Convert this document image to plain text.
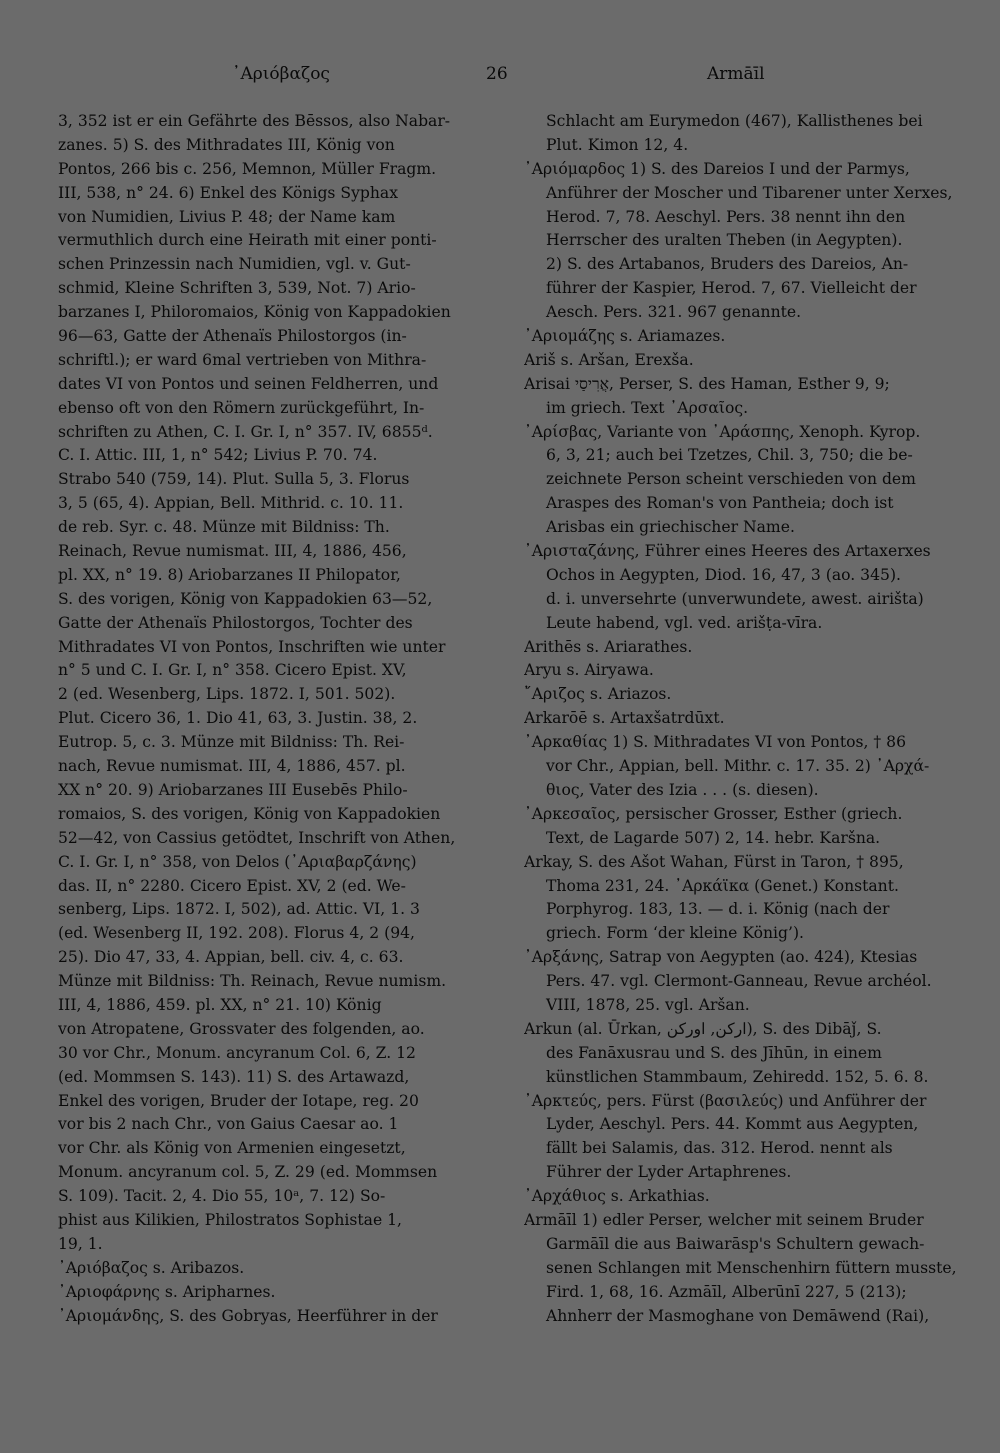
᾿Αριόβαζος	26	Armāīl
3, 352 ist er ein Gefährte des Bēssos, also Nabar-
zanes. 5) S. des Mithradates III, König von
Pontos, 266 bis c. 256, Memnon, Müller Fragm.
III, 538, n° 24. 6) Enkel des Königs Syphax
von Numidien, Livius P. 48; der Name kam
vermuthlich durch eine Heirath mit einer ponti-
schen Prinzessin nach Numidien, vgl. v. Gut-
schmid, Kleine Schriften 3, 539, Not. 7) Ario-
barzanes I, Philoromaios, König von Kappadokien
96—63, Gatte der Athenaïs Philostorgos (in-
schriftl.); er ward 6mal vertrieben von Mithra-
dates VI von Pontos und seinen Feldherren, und
ebenso oft von den Römern zurückgeführt, In-
schriften zu Athen, C. I. Gr. I, n° 357. IV, 6855ᵈ.
C. I. Attic. III, 1, n° 542; Livius P. 70. 74.
Strabo 540 (759, 14). Plut. Sulla 5, 3. Florus
3, 5 (65, 4). Appian, Bell. Mithrid. c. 10. 11.
de reb. Syr. c. 48. Münze mit Bildniss: Th.
Reinach, Revue numismat. III, 4, 1886, 456,
pl. XX, n° 19. 8) Ariobarzanes II Philopator,
S. des vorigen, König von Kappadokien 63—52,
Gatte der Athenaïs Philostorgos, Tochter des
Mithradates VI von Pontos, Inschriften wie unter
n° 5 und C. I. Gr. I, n° 358. Cicero Epist. XV,
2 (ed. Wesenberg, Lips. 1872. I, 501. 502).
Plut. Cicero 36, 1. Dio 41, 63, 3. Justin. 38, 2.
Eutrop. 5, c. 3. Münze mit Bildniss: Th. Rei-
nach, Revue numismat. III, 4, 1886, 457. pl.
XX n° 20. 9) Ariobarzanes III Eusebēs Philo-
romaios, S. des vorigen, König von Kappadokien
52—42, von Cassius getödtet, Inschrift von Athen,
C. I. Gr. I, n° 358, von Delos (᾿Αριαβαρζάνης)
das. II, n° 2280. Cicero Epist. XV, 2 (ed. We-
senberg, Lips. 1872. I, 502), ad. Attic. VI, 1. 3
(ed. Wesenberg II, 192. 208). Florus 4, 2 (94,
25). Dio 47, 33, 4. Appian, bell. civ. 4, c. 63.
Münze mit Bildniss: Th. Reinach, Revue numism.
III, 4, 1886, 459. pl. XX, n° 21. 10) König
von Atropatene, Grossvater des folgenden, ao.
30 vor Chr., Monum. ancyranum Col. 6, Z. 12
(ed. Mommsen S. 143). 11) S. des Artawazd,
Enkel des vorigen, Bruder der Iotape, reg. 20
vor bis 2 nach Chr., von Gaius Caesar ao. 1
vor Chr. als König von Armenien eingesetzt,
Monum. ancyranum col. 5, Z. 29 (ed. Mommsen
S. 109). Tacit. 2, 4. Dio 55, 10ᵃ, 7. 12) So-
phist aus Kilikien, Philostratos Sophistae 1,
19, 1.
᾿Αριόβαζος s. Aribazos.
᾿Αριοφάρνης s. Aripharnes.
᾿Αριομάνδης, S. des Gobryas, Heerführer in der
Schlacht am Eurymedon (467), Kallisthenes bei
Plut. Kimon 12, 4.
᾿Αριόμαρδος 1) S. des Dareios I und der Parmys,
Anführer der Moscher und Tibarener unter Xerxes,
Herod. 7, 78. Aeschyl. Pers. 38 nennt ihn den
Herrscher des uralten Theben (in Aegypten).
2) S. des Artabanos, Bruders des Dareios, An-
führer der Kaspier, Herod. 7, 67. Vielleicht der
Aesch. Pers. 321. 967 genannte.
᾿Αριομάζης s. Ariamazes.
Ariš s. Aršan, Erexša.
Arisai אֲרִיסַי, Perser, S. des Haman, Esther 9, 9;
im griech. Text ᾿Αρσαῖος.
᾿Αρίσβας, Variante von ᾿Αράσπης, Xenoph. Kyrop.
6, 3, 21; auch bei Tzetzes, Chil. 3, 750; die be-
zeichnete Person scheint verschieden von dem
Araspes des Roman's von Pantheia; doch ist
Arisbas ein griechischer Name.
᾿Αρισταζάνης, Führer eines Heeres des Artaxerxes
Ochos in Aegypten, Diod. 16, 47, 3 (ao. 345).
d. i. unversehrte (unverwundete, awest. airišta)
Leute habend, vgl. ved. arišṭa-vīra.
Arithēs s. Ariarathes.
Aryu s. Airyawa.
῎Αριζος s. Ariazos.
Arkarōē s. Artaxšatrdūxt.
᾿Αρκαθίας 1) S. Mithradates VI von Pontos, † 86
vor Chr., Appian, bell. Mithr. c. 17. 35. 2) ᾿Αρχά-
θιος, Vater des Izia . . . (s. diesen).
᾿Αρκεσαῖος, persischer Grosser, Esther (griech.
Text, de Lagarde 507) 2, 14. hebr. Karšna.
Arkay, S. des Ašot Wahan, Fürst in Taron, † 895,
Thoma 231, 24. ᾿Αρκάϊκα (Genet.) Konstant.
Porphyrog. 183, 13. — d. i. König (nach der
griech. Form ‘der kleine König’).
᾿Αρξάνης, Satrap von Aegypten (ao. 424), Ktesias
Pers. 47. vgl. Clermont-Ganneau, Revue archéol.
VIII, 1878, 25. vgl. Aršan.
Arkun (al. Ūrkan, ارکن, اورکن), S. des Dibāǰ, S.
des Fanāxusrau und S. des Jīhūn, in einem
künstlichen Stammbaum, Zehiredd. 152, 5. 6. 8.
᾿Αρκτεύς, pers. Fürst (βασιλεύς) und Anführer der
Lyder, Aeschyl. Pers. 44. Kommt aus Aegypten,
fällt bei Salamis, das. 312. Herod. nennt als
Führer der Lyder Artaphrenes.
᾿Αρχάθιος s. Arkathias.
Armāīl 1) edler Perser, welcher mit seinem Bruder
Garmāīl die aus Baiwarāsp's Schultern gewach-
senen Schlangen mit Menschenhirn füttern musste,
Fird. 1, 68, 16. Azmāīl, Alberūnī 227, 5 (213);
Ahnherr der Masmoghane von Demāwend (Rai),
